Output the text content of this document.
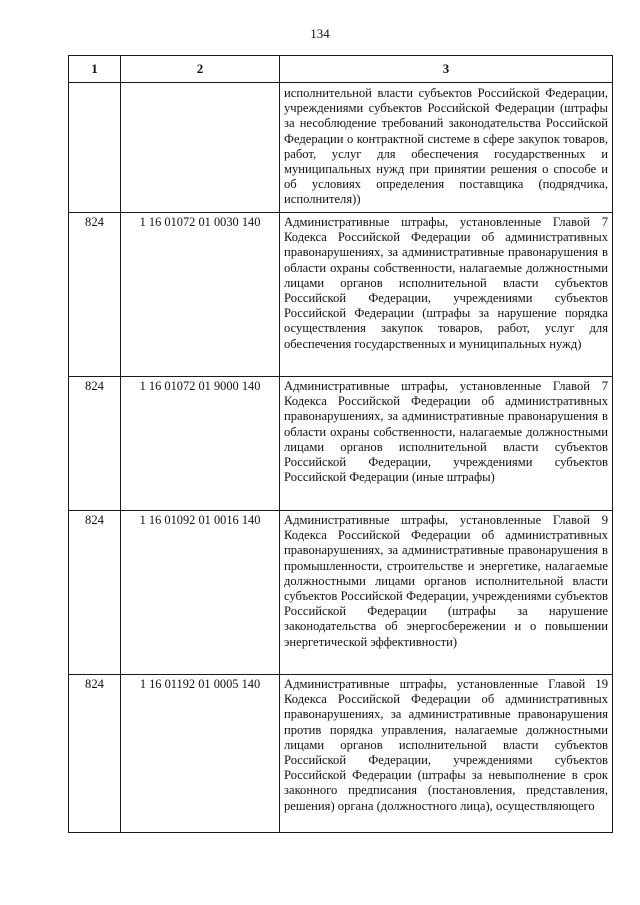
134
1	2	3
		исполнительной власти субъектов Российской Федерации, учреждениями субъектов Российской Федерации (штрафы за несоблюдение требований законодательства Российской Федерации о контрактной системе в сфере закупок товаров, работ, услуг для обеспечения государственных и муниципальных нужд при принятии решения о способе и об условиях определения поставщика (подрядчика, исполнителя))
824	1 16 01072 01 0030 140	Административные штрафы, установленные Главой 7 Кодекса Российской Федерации об административных правонарушениях, за административные правонарушения в области охраны собственности, налагаемые должностными лицами органов исполнительной власти субъектов Российской Федерации, учреждениями субъектов Российской Федерации (штрафы за нарушение порядка осуществления закупок товаров, работ, услуг для обеспечения государственных и муниципальных нужд)
824	1 16 01072 01 9000 140	Административные штрафы, установленные Главой 7 Кодекса Российской Федерации об административных правонарушениях, за административные правонарушения в области охраны собственности, налагаемые должностными лицами органов исполнительной власти субъектов Российской Федерации, учреждениями субъектов Российской Федерации (иные штрафы)
824	1 16 01092 01 0016 140	Административные штрафы, установленные Главой 9 Кодекса Российской Федерации об административных правонарушениях, за административные правонарушения в промышленности, строительстве и энергетике, налагаемые должностными лицами органов исполнительной власти субъектов Российской Федерации, учреждениями субъектов Российской Федерации (штрафы за нарушение законодательства об энергосбережении и о повышении энергетической эффективности)
824	1 16 01192 01 0005 140	Административные штрафы, установленные Главой 19 Кодекса Российской Федерации об административных правонарушениях, за административные правонарушения против порядка управления, налагаемые должностными лицами органов исполнительной власти субъектов Российской Федерации, учреждениями субъектов Российской Федерации (штрафы за невыполнение в срок законного предписания (постановления, представления, решения) органа (должностного лица), осуществляющего
